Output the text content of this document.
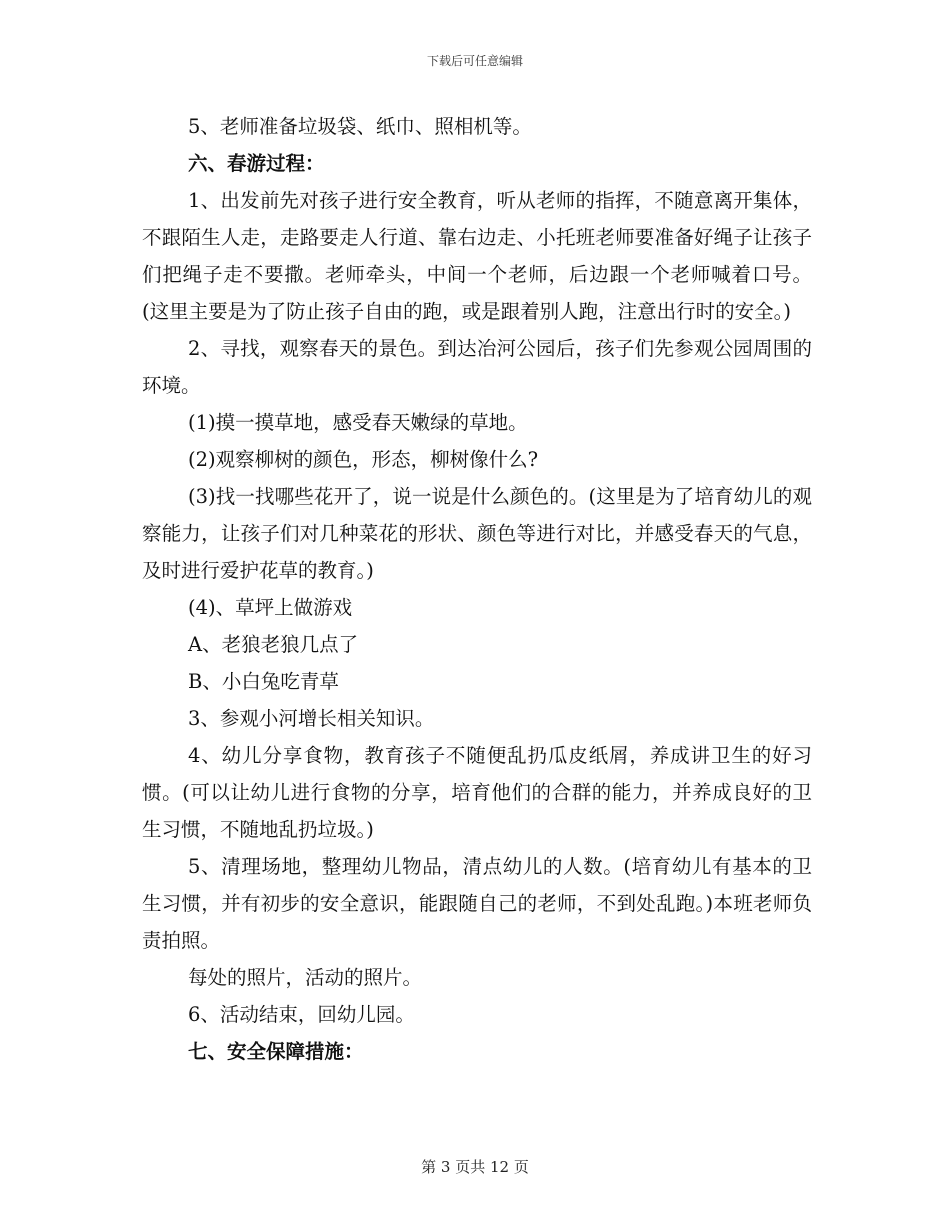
下载后可任意编辑

5、老师准备垃圾袋、纸巾、照相机等。

六、春游过程：

1、出发前先对孩子进行安全教育，听从老师的指挥，不随意离开集体，不跟陌生人走，走路要走人行道、靠右边走、小托班老师要准备好绳子让孩子们把绳子走不要撒。老师牵头，中间一个老师，后边跟一个老师喊着口号。(这里主要是为了防止孩子自由的跑，或是跟着别人跑，注意出行时的安全。)

2、寻找，观察春天的景色。到达冶河公园后，孩子们先参观公园周围的环境。

(1)摸一摸草地，感受春天嫩绿的草地。

(2)观察柳树的颜色，形态，柳树像什么?

(3)找一找哪些花开了，说一说是什么颜色的。(这里是为了培育幼儿的观察能力，让孩子们对几种菜花的形状、颜色等进行对比，并感受春天的气息，及时进行爱护花草的教育。)

(4)、草坪上做游戏

A、老狼老狼几点了

B、小白兔吃青草

3、参观小河增长相关知识。

4、幼儿分享食物，教育孩子不随便乱扔瓜皮纸屑，养成讲卫生的好习惯。(可以让幼儿进行食物的分享，培育他们的合群的能力，并养成良好的卫生习惯，不随地乱扔垃圾。)

5、清理场地，整理幼儿物品，清点幼儿的人数。(培育幼儿有基本的卫生习惯，并有初步的安全意识，能跟随自己的老师，不到处乱跑。)本班老师负责拍照。

每处的照片，活动的照片。

6、活动结束，回幼儿园。

七、安全保障措施：

第 3 页共 12 页
